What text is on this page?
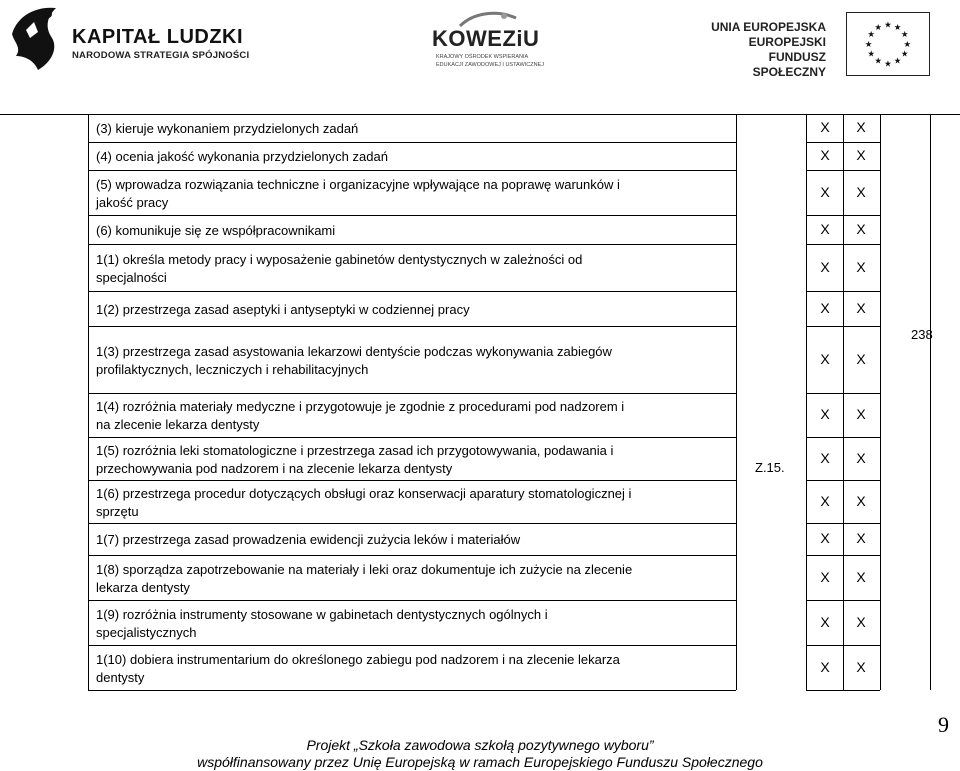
KAPITAŁ LUDZKI
NARODOWA STRATEGIA SPÓJNOŚCI
KOWEZiU
KRAJOWY OŚRODEK WSPIERANIA
EDUKACJI ZAWODOWEJ I USTAWICZNEJ
UNIA EUROPEJSKA
EUROPEJSKI
FUNDUSZ SPOŁECZNY
★ ★
★
★
★
★
★
★
★
★
★
★
9
Projekt „Szkoła zawodowa szkołą pozytywnego wyboru”
współfinansowany przez Unię Europejską w ramach Europejskiego Funduszu Społecznego
(3) kieruje wykonaniem przydzielonych zadań	X	X
(4) ocenia jakość wykonania przydzielonych zadań	X	X
(5) wprowadza rozwiązania techniczne i organizacyjne wpływające na poprawę warunków i
jakość pracy
X	X
(6) komunikuje się ze współpracownikami	X	X
1(1) określa metody pracy i wyposażenie gabinetów dentystycznych w zależności od
specjalności
X	X
1(2) przestrzega zasad aseptyki i antyseptyki w codziennej pracy	X	X
1(3) przestrzega zasad asystowania lekarzowi dentyście podczas wykonywania zabiegów
profilaktycznych, leczniczych i rehabilitacyjnych
X	X
1(4) rozróżnia materiały medyczne i przygotowuje je zgodnie z procedurami pod nadzorem i
na zlecenie lekarza dentysty
X	X
1(5) rozróżnia leki stomatologiczne i przestrzega zasad ich przygotowywania, podawania i
przechowywania pod nadzorem i na zlecenie lekarza dentysty
X	X
1(6) przestrzega procedur dotyczących obsługi oraz konserwacji aparatury stomatologicznej i
sprzętu
X	X
1(7) przestrzega zasad prowadzenia ewidencji zużycia leków i materiałów	X	X
1(8) sporządza zapotrzebowanie na materiały i leki oraz dokumentuje ich zużycie na zlecenie
lekarza dentysty
X	X
1(9) rozróżnia instrumenty stosowane w gabinetach dentystycznych ogólnych i
specjalistycznych
X	X
1(10) dobiera instrumentarium do określonego zabiegu pod nadzorem i na zlecenie lekarza
dentysty
X	X
Z.15.
238
